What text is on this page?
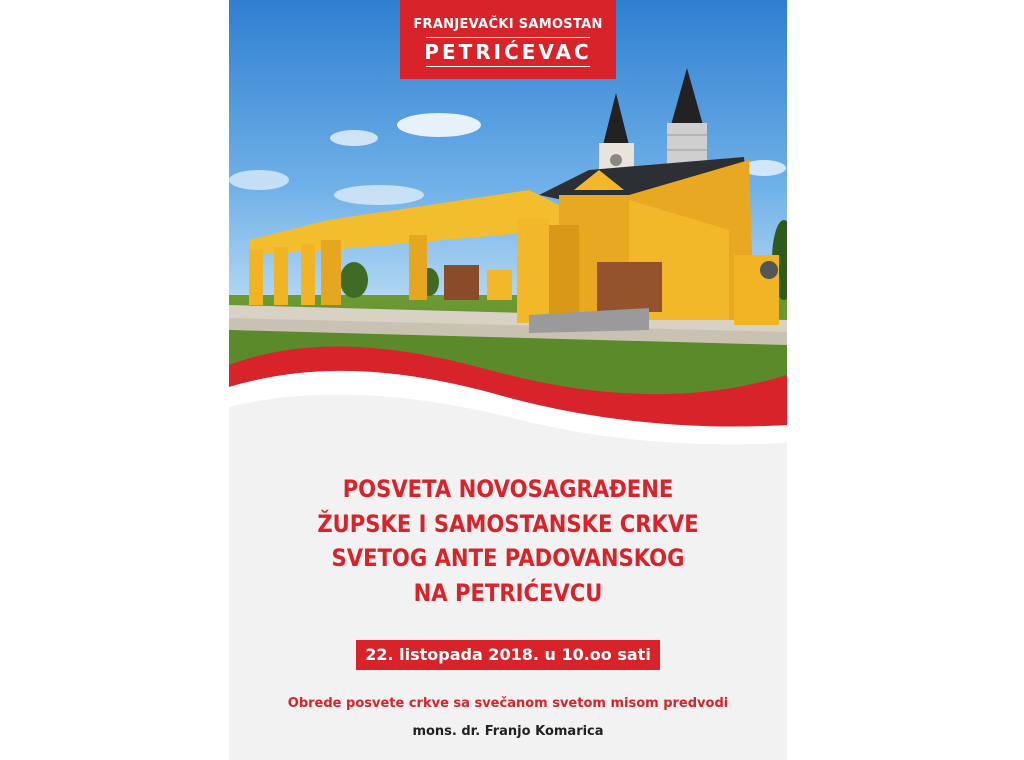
FRANJEVAČKI SAMOSTAN
PETRIĆEVAC
POSVETA NOVOSAGRAĐENE
ŽUPSKE I SAMOSTANSKE CRKVE
SVETOG ANTE PADOVANSKOG
NA PETRIĆEVCU
22. listopada 2018. u 10.oo sati
Obrede posvete crkve sa svečanom svetom misom predvodi
mons. dr. Franjo Komarica
